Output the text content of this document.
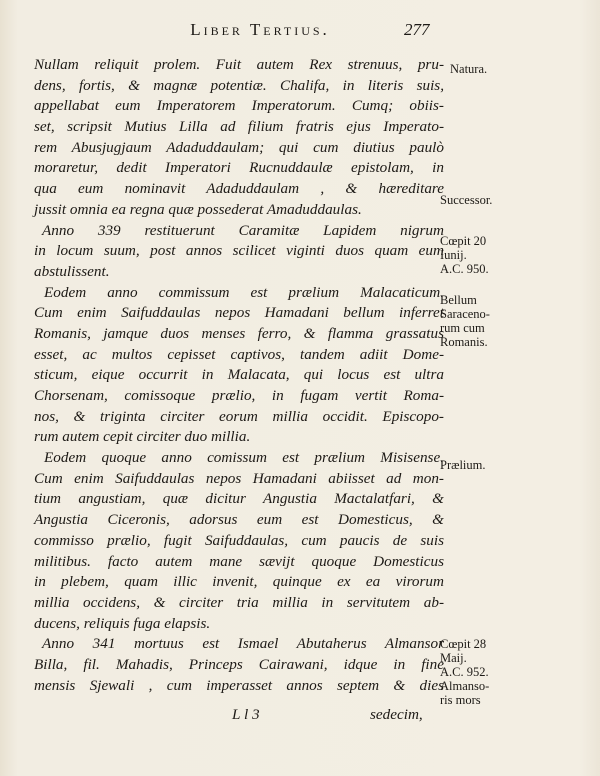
Liber Tertius.	277
Nullam reliquit prolem. Fuit autem Rex strenuus, pru-
dens, fortis, & magnæ potentiæ. Chalifa, in literis suis,
appellabat eum Imperatorem Imperatorum. Cumq; obiis-
set, scripsit Mutius Lilla ad filium fratris ejus Imperato-
rem Abusjugjaum Adaduddaulam; qui cum diutius paulò
moraretur, dedit Imperatori Rucnuddaulæ epistolam, in
qua eum nominavit Adaduddaulam , & hæreditare
jussit omnia ea regna quæ possederat Amaduddaulas.
Anno 339 restituerunt Caramitæ Lapidem nigrum
in locum suum, post annos scilicet viginti duos quam eum
abstulissent.
Eodem anno commissum est prælium Malacaticum.
Cum enim Saifuddaulas nepos Hamadani bellum inferret
Romanis, jamque duos menses ferro, & flamma grassatus
esset, ac multos cepisset captivos, tandem adiit Dome-
sticum, eique occurrit in Malacata, qui locus est ultra
Chorsenam, comissoque prælio, in fugam vertit Roma-
nos, & triginta circiter eorum millia occidit. Episcopo-
rum autem cepit circiter duo millia.
Eodem quoque anno comissum est prælium Misisense.
Cum enim Saifuddaulas nepos Hamadani abiisset ad mon-
tium angustiam, quæ dicitur Angustia Mactalatfari, &
Angustia Ciceronis, adorsus eum est Domesticus, &
commisso prælio, fugit Saifuddaulas, cum paucis de suis
militibus. facto autem mane sævijt quoque Domesticus
in plebem, quam illic invenit, quinque ex ea virorum
millia occidens, & circiter tria millia in servitutem ab-
ducens, reliquis fuga elapsis.
Anno 341 mortuus est Ismael Abutaherus Almansor
Billa, fil. Mahadis, Princeps Cairawani, idque in fine
mensis Sjewali , cum imperasset annos septem & dies
Natura.
Successor.
Cœpit 20
Iunij.
A.C. 950.
Bellum
Saraceno-
rum cum
Romanis.
Prælium.
Cœpit 28
Maij.
A.C. 952.
Almanso-
ris mors
L l 3	sedecim,
